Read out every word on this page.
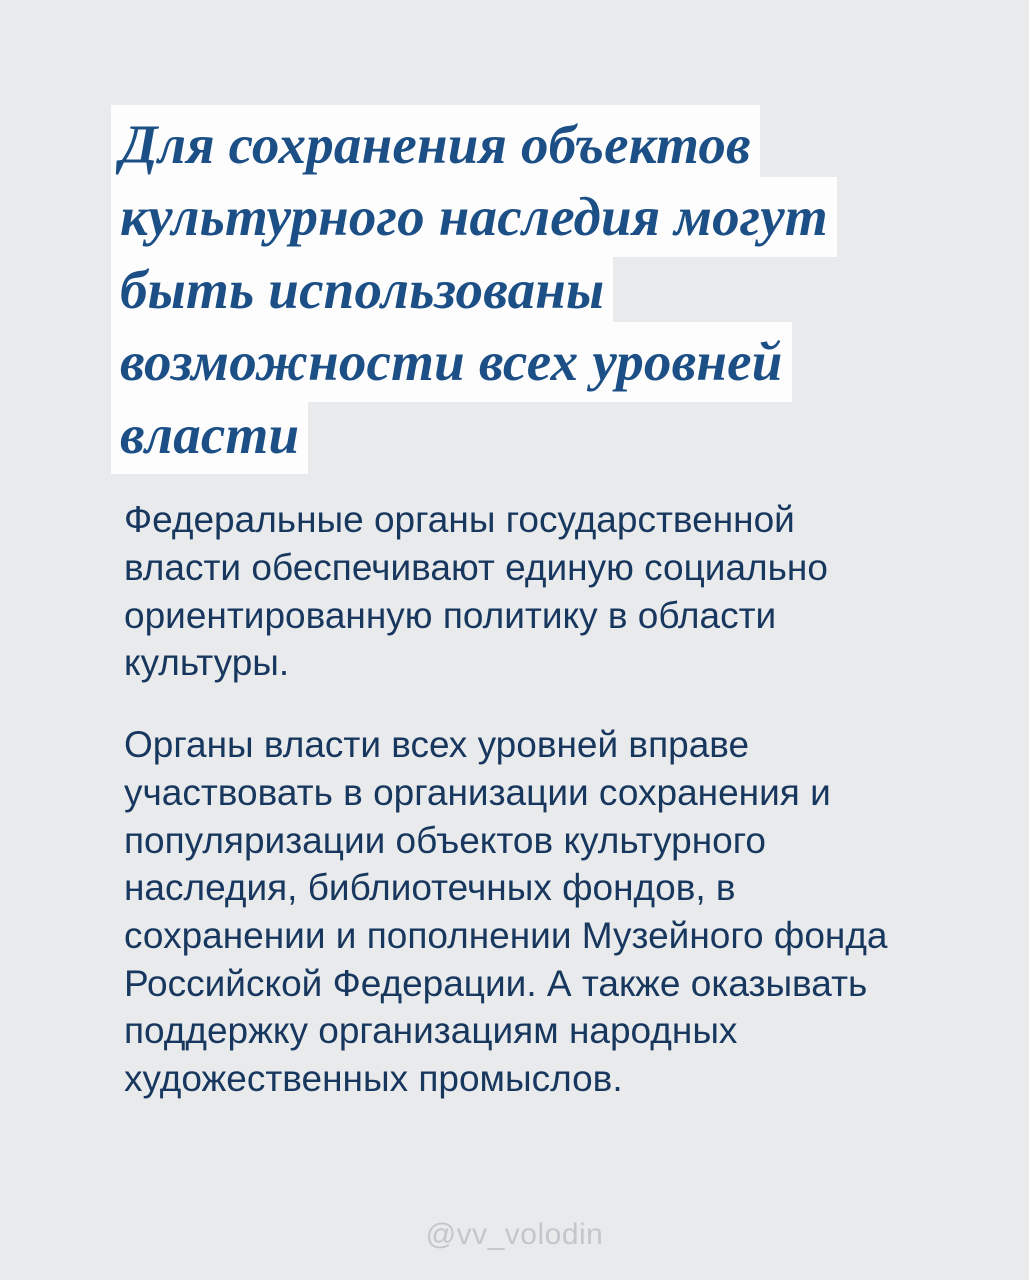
Для сохранения объектов
культурного наследия могут
быть использованы
возможности всех уровней
власти

Федеральные органы государственной власти обеспечивают единую социально ориентированную политику в области культуры.

Органы власти всех уровней вправе участвовать в организации сохранения и популяризации объектов культурного наследия, библиотечных фондов, в сохранении и пополнении Музейного фонда Российской Федерации. А также оказывать поддержку организациям народных художественных промыслов.

@vv_volodin
